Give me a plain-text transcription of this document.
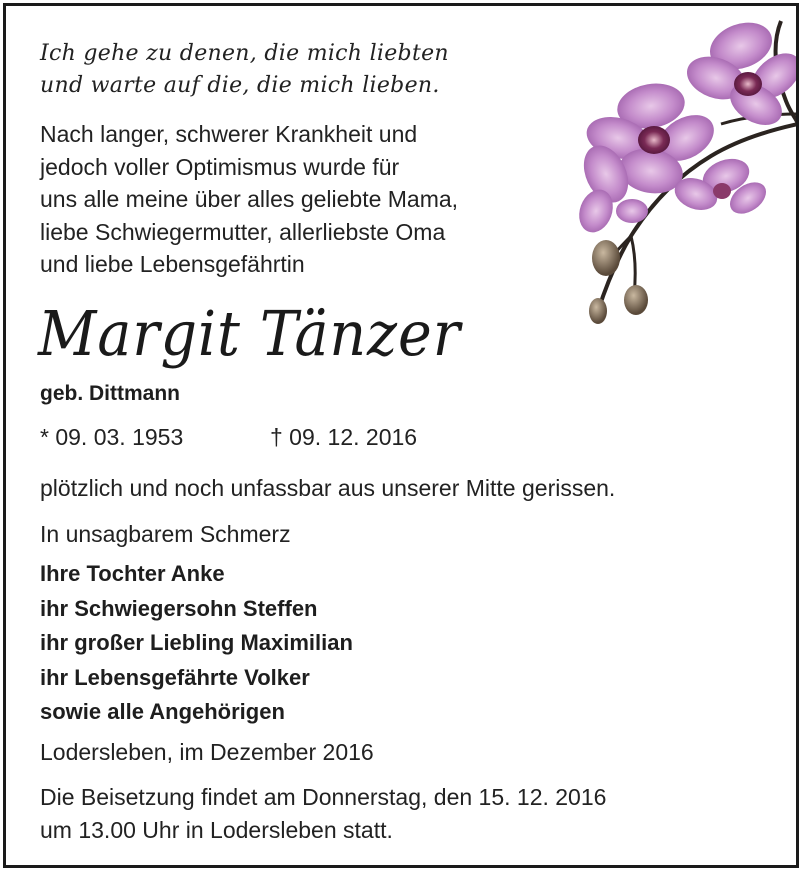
Ich gehe zu denen, die mich liebten
und warte auf die, die mich lieben.
Nach langer, schwerer Krankheit und
jedoch voller Optimismus wurde für
uns alle meine über alles geliebte Mama,
liebe Schwiegermutter, allerliebste Oma
und liebe Lebensgefährtin
Margit Tänzer
geb. Dittmann
* 09. 03. 1953	† 09. 12. 2016
plötzlich und noch unfassbar aus unserer Mitte gerissen.
In unsagbarem Schmerz
Ihre Tochter Anke
ihr Schwiegersohn Steffen
ihr großer Liebling Maximilian
ihr Lebensgefährte Volker
sowie alle Angehörigen
Lodersleben, im Dezember 2016
Die Beisetzung findet am Donnerstag, den 15. 12. 2016
um 13.00 Uhr in Lodersleben statt.
